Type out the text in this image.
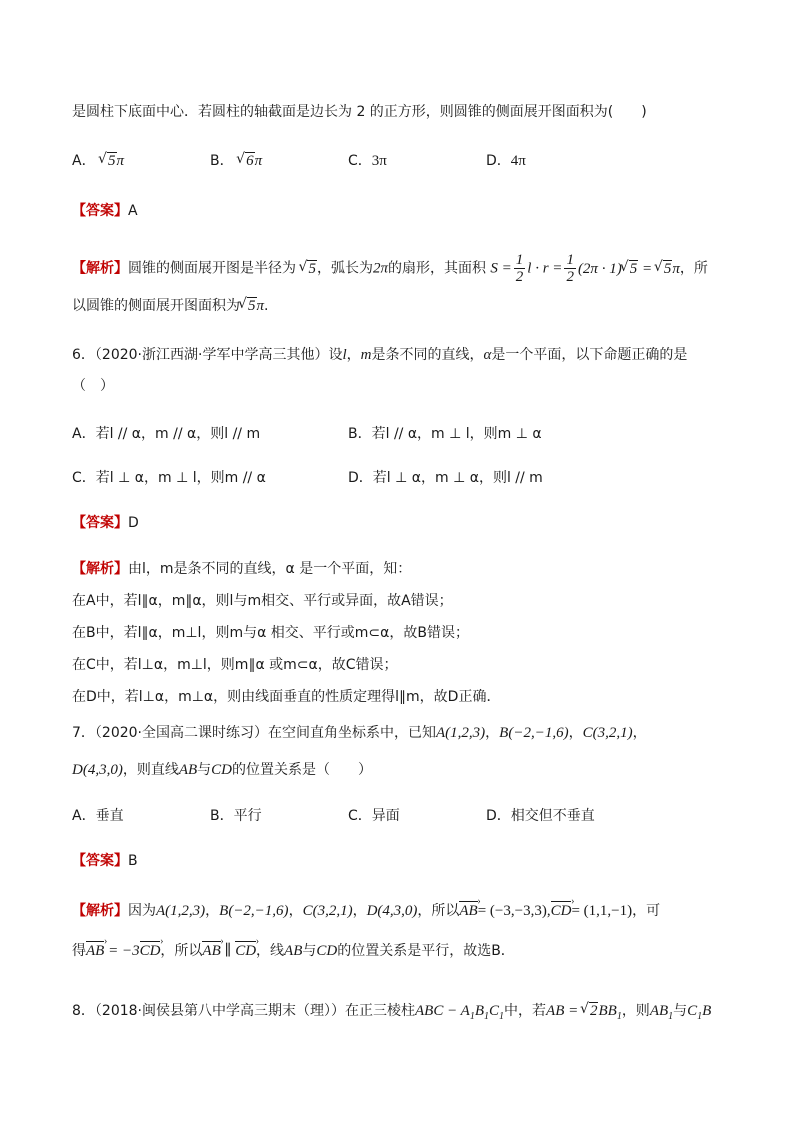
是圆柱下底面中心．若圆柱的轴截面是边长为 2 的正方形，则圆锥的侧面展开图面积为(　　)
A． √ 5π	B． √ 6π	C．3π	D．4π
【答案】A
【解析】圆锥的侧面展开图是半径为 √ 5，弧长为2π的扇形，其面积 $S = \frac{1}{2}$ $l \cdot r = \frac{1}{2} (2\pi \cdot 1)√$ 5 = √ 5π，所
以圆锥的侧面展开图面积为√ 5π.
6．（2020·浙江西湖·学军中学高三其他）设l，m是条不同的直线，α是一个平面，以下命题正确的是
（　）
A．若l // α，m // α，则l // m	B．若l // α，m ⊥ l，则m ⊥ α
C．若l ⊥ α，m ⊥ l，则m // α	D．若l ⊥ α，m ⊥ α，则l // m
【答案】D
【解析】由l，m是条不同的直线，α 是一个平面，知：
在A中，若l∥α，m∥α，则l与m相交、平行或异面，故A错误；
在B中，若l∥α，m⊥l，则m与α 相交、平行或m⊂α，故B错误；
在C中，若l⊥α，m⊥l，则m∥α 或m⊂α，故C错误；
在D中，若l⊥α，m⊥α，则由线面垂直的性质定理得l∥m，故D正确．
7．（2020·全国高二课时练习）在空间直角坐标系中，已知A(1,2,3)，B(−2,−1,6)，C(3,2,1)，
D(4,3,0)，则直线AB与CD的位置关系是（　　）
A．垂直	B．平行	C．异面	D．相交但不垂直
【答案】B
【解析】因为A(1,2,3)，B(−2,−1,6)，C(3,2,1)，D(4,3,0)，所以AB ›= (−3,−3,3),CD ›= (1,1,−1)，可
得AB › = −3CD ›，所以AB › ∥ CD ›，线AB与CD的位置关系是平行，故选B．
8．（2018·闽侯县第八中学高三期末（理））在正三棱柱ABC − $A_1B_1C_1$中，若AB = √ $2BB_1$，则$AB_1$与$C_1B$
